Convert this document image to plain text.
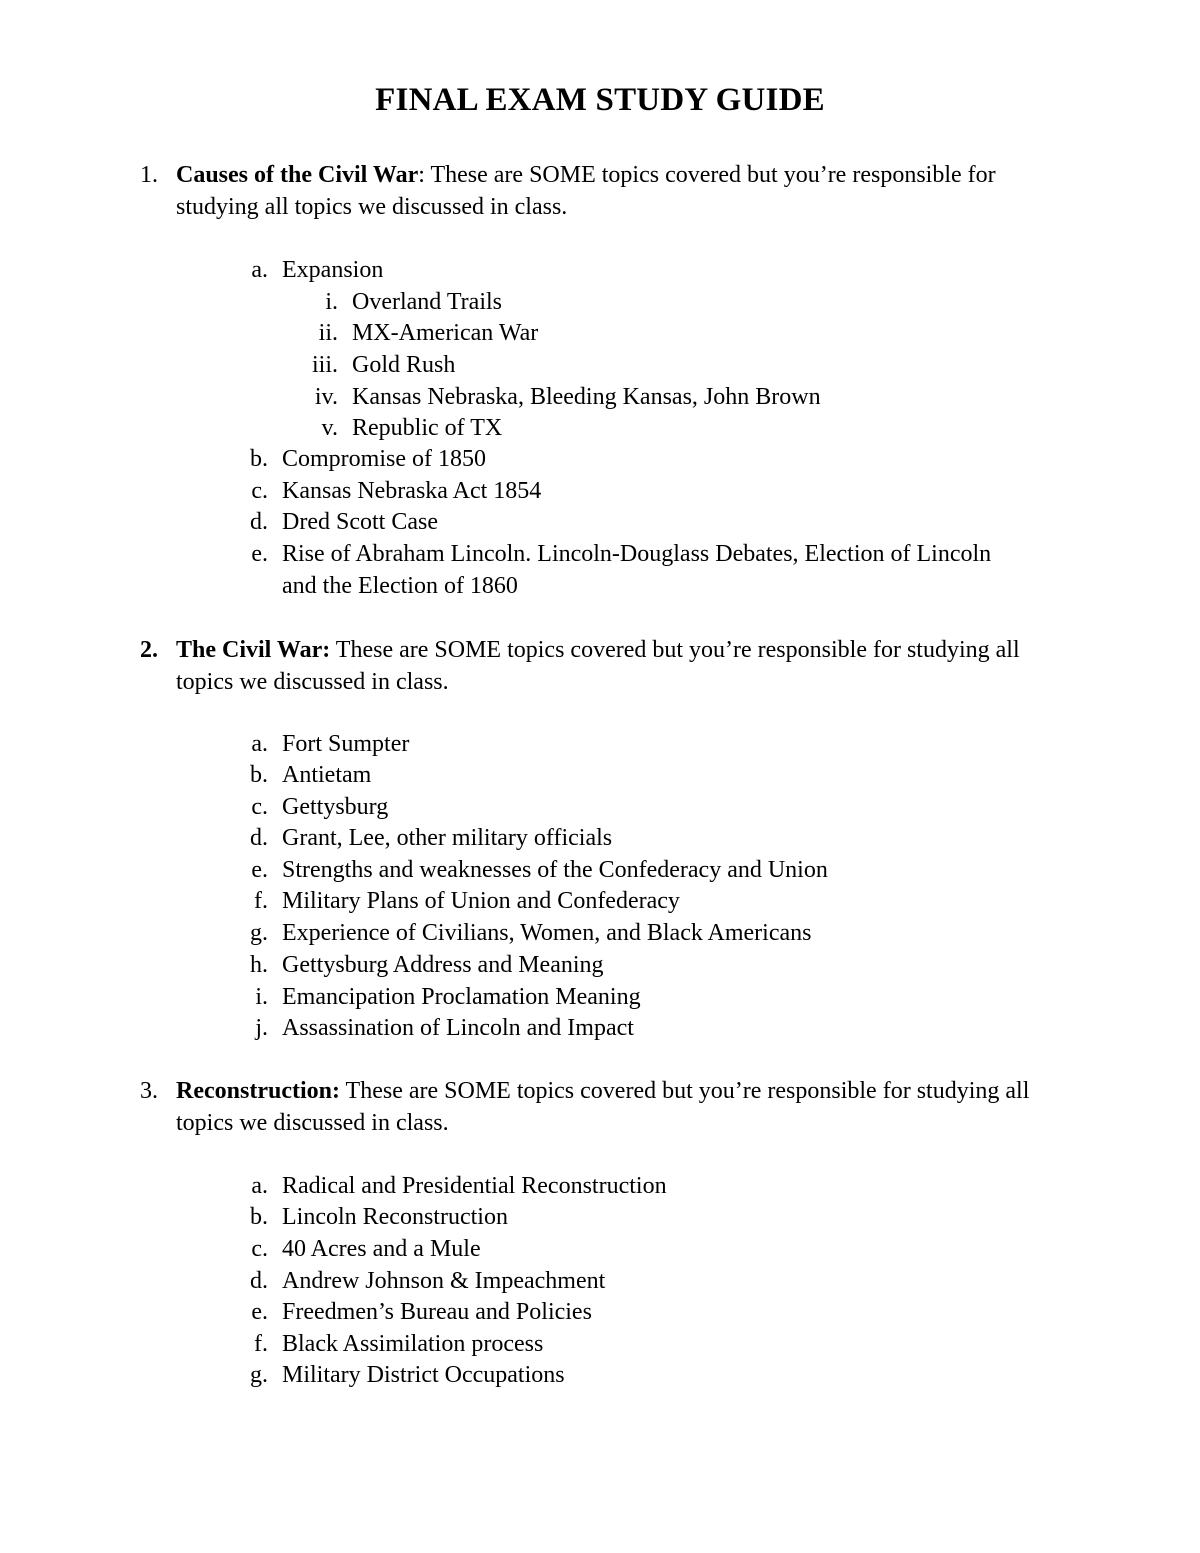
FINAL EXAM STUDY GUIDE
1. Causes of the Civil War: These are SOME topics covered but you’re responsible for studying all topics we discussed in class.
a. Expansion
i. Overland Trails
ii. MX-American War
iii. Gold Rush
iv. Kansas Nebraska, Bleeding Kansas, John Brown
v. Republic of TX
b. Compromise of 1850
c. Kansas Nebraska Act 1854
d. Dred Scott Case
e. Rise of Abraham Lincoln. Lincoln-Douglass Debates, Election of Lincoln and the Election of 1860
2. The Civil War: These are SOME topics covered but you’re responsible for studying all topics we discussed in class.
a. Fort Sumpter
b. Antietam
c. Gettysburg
d. Grant, Lee, other military officials
e. Strengths and weaknesses of the Confederacy and Union
f. Military Plans of Union and Confederacy
g. Experience of Civilians, Women, and Black Americans
h. Gettysburg Address and Meaning
i. Emancipation Proclamation Meaning
j. Assassination of Lincoln and Impact
3. Reconstruction: These are SOME topics covered but you’re responsible for studying all topics we discussed in class.
a. Radical and Presidential Reconstruction
b. Lincoln Reconstruction
c. 40 Acres and a Mule
d. Andrew Johnson & Impeachment
e. Freedmen’s Bureau and Policies
f. Black Assimilation process
g. Military District Occupations
